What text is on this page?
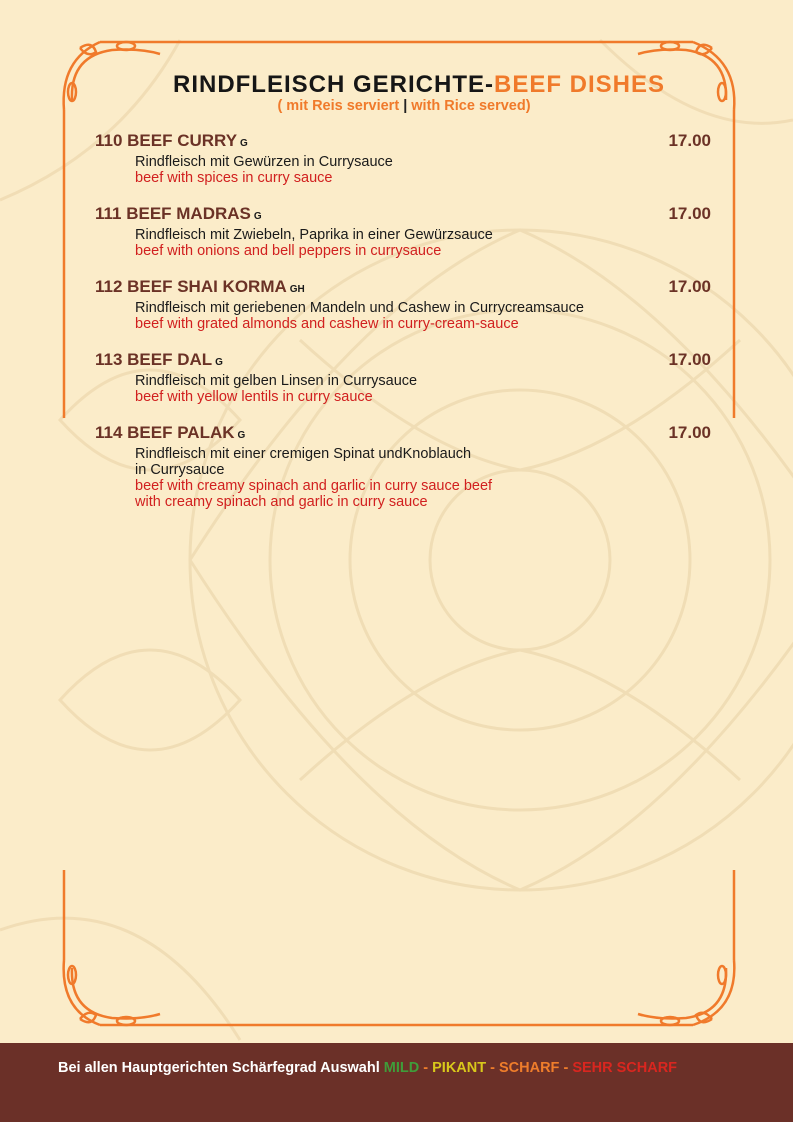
RINDFLEISCH GERICHTE-BEEF DISHES
( mit Reis serviert | with Rice served)
110 BEEF CURRY G	17.00
Rindfleisch mit Gewürzen in Currysauce
beef with spices in curry sauce
111 BEEF MADRAS G	17.00
Rindfleisch mit Zwiebeln, Paprika in einer Gewürzsauce
beef with onions and bell peppers in currysauce
112 BEEF SHAI KORMA GH	17.00
Rindfleisch mit geriebenen Mandeln und Cashew in Currycreamsauce
beef with grated almonds and cashew in curry-cream-sauce
113 BEEF DAL G	17.00
Rindfleisch mit gelben Linsen in Currysauce
beef with yellow lentils in curry sauce
114 BEEF PALAK G	17.00
Rindfleisch mit einer cremigen Spinat undKnoblauch
in Currysauce
beef with creamy spinach and garlic in curry sauce beef
with creamy spinach and garlic in curry sauce
Bei allen Hauptgerichten Schärfegrad Auswahl MILD - PIKANT - SCHARF - SEHR SCHARF
